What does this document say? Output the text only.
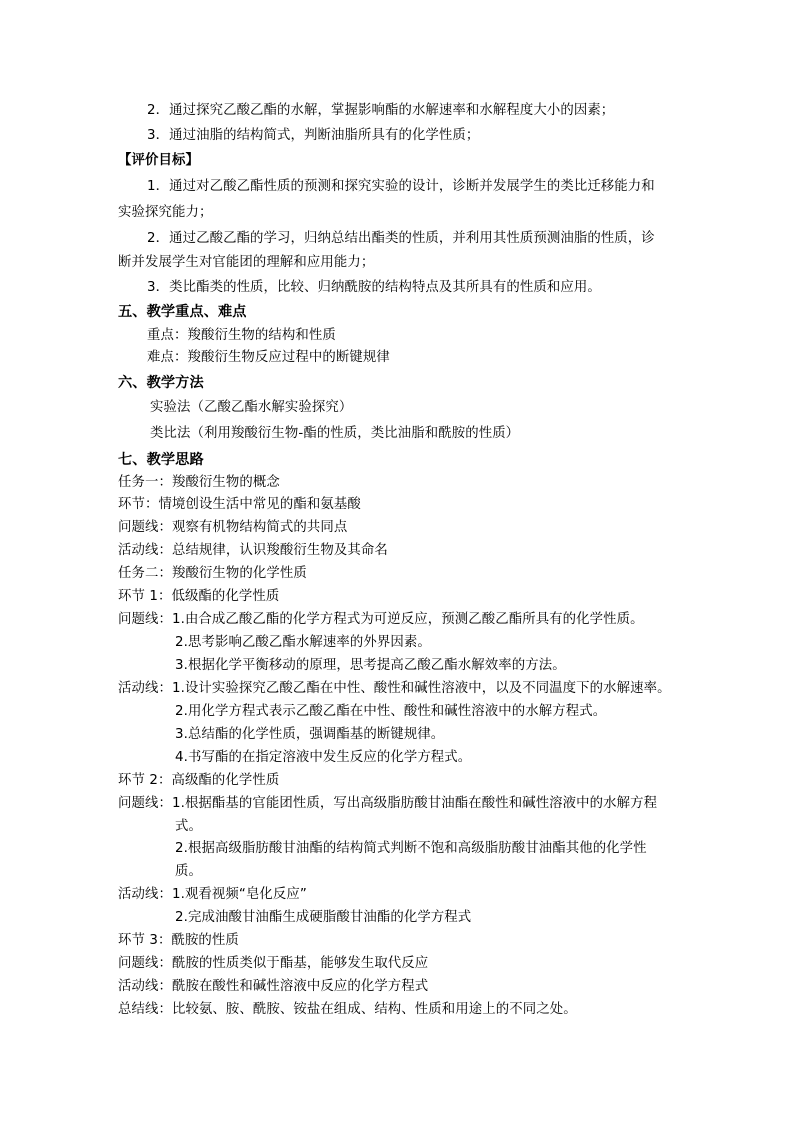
2．通过探究乙酸乙酯的水解，掌握影响酯的水解速率和水解程度大小的因素；
3．通过油脂的结构简式，判断油脂所具有的化学性质；
【评价目标】
1．通过对乙酸乙酯性质的预测和探究实验的设计，诊断并发展学生的类比迁移能力和
实验探究能力；
2．通过乙酸乙酯的学习，归纳总结出酯类的性质，并利用其性质预测油脂的性质，诊
断并发展学生对官能团的理解和应用能力；
3．类比酯类的性质，比较、归纳酰胺的结构特点及其所具有的性质和应用。
五、教学重点、难点
重点：羧酸衍生物的结构和性质
难点：羧酸衍生物反应过程中的断键规律
六、教学方法
实验法（乙酸乙酯水解实验探究）
类比法（利用羧酸衍生物-酯的性质，类比油脂和酰胺的性质）
七、教学思路
任务一：羧酸衍生物的概念
环节：情境创设生活中常见的酯和氨基酸
问题线：观察有机物结构简式的共同点
活动线：总结规律，认识羧酸衍生物及其命名
任务二：羧酸衍生物的化学性质
环节 1：低级酯的化学性质
问题线：1.由合成乙酸乙酯的化学方程式为可逆反应，预测乙酸乙酯所具有的化学性质。
2.思考影响乙酸乙酯水解速率的外界因素。
3.根据化学平衡移动的原理，思考提高乙酸乙酯水解效率的方法。
活动线：1.设计实验探究乙酸乙酯在中性、酸性和碱性溶液中，以及不同温度下的水解速率。
2.用化学方程式表示乙酸乙酯在中性、酸性和碱性溶液中的水解方程式。
3.总结酯的化学性质，强调酯基的断键规律。
4.书写酯的在指定溶液中发生反应的化学方程式。
环节 2：高级酯的化学性质
问题线：1.根据酯基的官能团性质，写出高级脂肪酸甘油酯在酸性和碱性溶液中的水解方程
式。
2.根据高级脂肪酸甘油酯的结构简式判断不饱和高级脂肪酸甘油酯其他的化学性
质。
活动线：1.观看视频“皂化反应”
2.完成油酸甘油酯生成硬脂酸甘油酯的化学方程式
环节 3：酰胺的性质
问题线：酰胺的性质类似于酯基，能够发生取代反应
活动线：酰胺在酸性和碱性溶液中反应的化学方程式
总结线：比较氨、胺、酰胺、铵盐在组成、结构、性质和用途上的不同之处。
